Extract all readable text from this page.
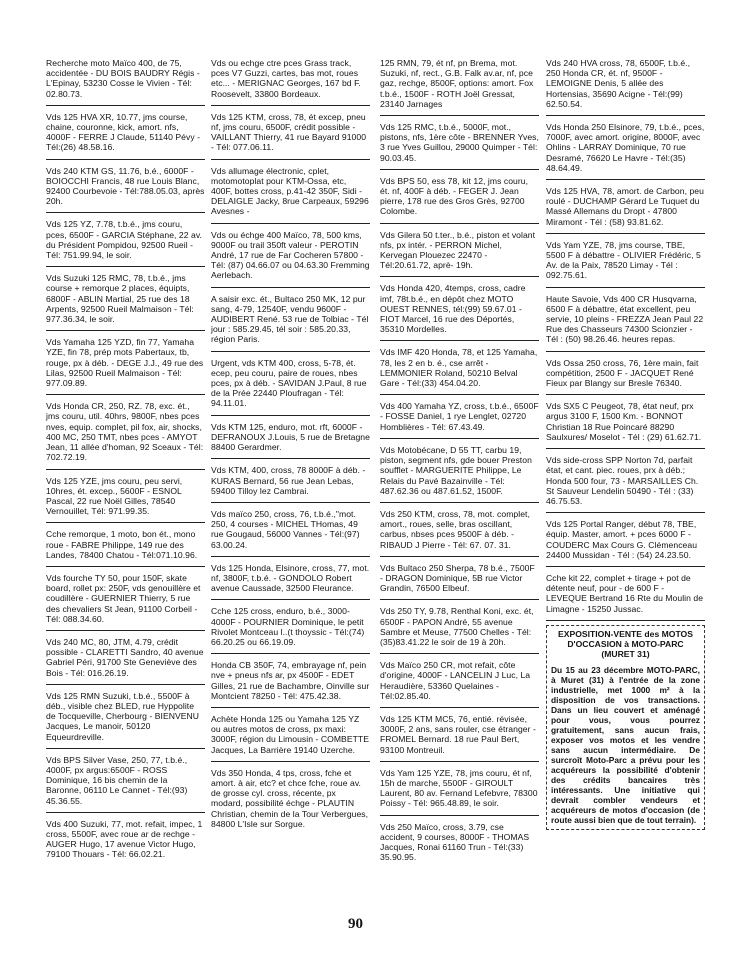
Recherche moto Maïco 400, de 75, accidentée - DU BOIS BAUDRY Régis - L'Epinay, 53230 Cosse le Vivien - Tél: 02.80.73.
Vds 125 HVA XR, 10.77, jms course, chaine, couronne, kick, amort. nfs, 4000F - FERRE J Claude, 51140 Pévy - Tél:(26) 48.58.16.
Vds 240 KTM GS, 11.76, b.é., 6000F - BOIOCCHI Francis, 48 rue Louis Blanc, 92400 Courbevoie - Tél:788.05.03, après 20h.
Vds 125 YZ, 7.78, t.b.é., jms couru, pces, 6500F - GARCIA Stéphane, 22 av. du Président Pompidou, 92500 Rueil - Tél: 751.99.94, le soir.
Vds Suzuki 125 RMC, 78, t.b.é., jms course + remorque 2 places, équipts, 6800F - ABLIN Martial, 25 rue des 18 Arpents, 92500 Rueil Malmaison - Tél: 977.36.34, le soir.
Vds Yamaha 125 YZD, fin 77, Yamaha YZE, fin 78, prép mots Pabertaux, tb, rouge, px à déb. - DEGE J.J., 49 rue des Lilas, 92500 Rueil Malmaison - Tél: 977.09.89.
Vds Honda CR, 250, RZ. 78, exc. ét., jms couru, util. 40hrs, 9800F, nbes pces nves, equip. complet, pil fox, air, shocks, 400 MC, 250 TMT, nbes pces - AMYOT Jean, 11 allée d'homan, 92 Sceaux - Tél: 702.72.19.
Vds 125 YZE, jms couru, peu servi, 10hres, ét. excep., 5600F - ESNOL Pascal, 22 rue Noël Gilles, 78540 Vernouillet, Tél: 971.99.35.
Cche remorque, 1 moto, bon ét., mono roue - FABRE Philippe, 149 rue des Landes, 78400 Chatou - Tél:071.10.96.
Vds fourche TY 50, pour 150F, skate board, rollet px: 250F, vds genouillère et coudillère - GUERNIER Thierry, 5 rue des chevaliers St Jean, 91100 Corbeil - Tél: 088.34.60.
Vds 240 MC, 80, JTM, 4.79, crédit possible - CLARETTI Sandro, 40 avenue Gabriel Péri, 91700 Ste Geneviève des Bois - Tél: 016.26.19.
Vds 125 RMN Suzuki, t.b.é., 5500F à déb., visible chez BLED, rue Hyppolite de Tocqueville, Cherbourg - BIENVENU Jacques, Le manoir, 50120 Equeurdreville.
Vds BPS Silver Vase, 250, 77, t.b.é., 4000F, px argus:6500F - ROSS Dominique, 16 bis chemin de la Baronne, 06110 Le Cannet - Tél:(93) 45.36.55.
Vds 400 Suzuki, 77, mot. refait, impec, 1 cross, 5500F, avec roue ar de rechge - AUGER Hugo, 17 avenue Victor Hugo, 79100 Thouars - Tél: 66.02.21.
Vds ou echge ctre pces Grass track, pces V7 Guzzi, cartes, bas mot, roues etc... - MERIGNAC Georges, 167 bd F. Roosevelt, 33800 Bordeaux.
Vds 125 KTM, cross, 78, ét excep, pneu nf, jms couru, 6500F, crédit possible - VAILLANT Thierry, 41 rue Bayard 91000 - Tél: 077.06.11.
Vds allumage électronic, cplet, motomotoplat pour KTM-Ossa, etc, 400F, bottes cross, p.41-42 350F, Sidi - DELAIGLE Jacky, 8rue Carpeaux, 59296 Avesnes -
Vds ou échge 400 Maïco, 78, 500 kms, 9000F ou trail 350ft valeur - PEROTIN André, 17 rue de Far Cocheren 57800 - Tél: (87) 04.66.07 ou 04.63.30 Fremming Aerlebach.
A saisir exc. ét., Bultaco 250 MK, 12 pur sang, 4-79, 12540F, vendu 9600F - AUDIBERT René. 53 rue de Tolbiac - Tél jour : 585.29.45, tél soir : 585.20.33, région Paris.
Urgent, vds KTM 400, cross, 5-78, ét. ecep, peu couru, paire de roues, nbes pces, px à déb. - SAVIDAN J.Paul, 8 rue de la Prée 22440 Ploufragan - Tél: 94.11.01.
Vds KTM 125, enduro, mot. rft, 6000F - DEFRANOUX J.Louis, 5 rue de Bretagne 88400 Gerardmer.
Vds KTM, 400, cross, 78 8000F à déb. - KURAS Bernard, 56 rue Jean Lebas, 59400 Tilloy lez Cambrai.
Vds maïco 250, cross, 76, t.b.é.,"mot. 250, 4 courses - MICHEL THomas, 49 rue Gougaud, 56000 Vannes - Tél:(97) 63.00.24.
Vds 125 Honda, Elsinore, cross, 77, mot. nf, 3800F, t.b.é. - GONDOLO Robert avenue Caussade, 32500 Fleurance.
Cche 125 cross, enduro, b.é., 3000-4000F - POURNIER Dominique, le petit Rivolet Montceau l..(t thoyssic - Tél:(74) 66.20.25 ou 66.19.09.
Honda CB 350F, 74, embrayage nf, pein nve + pneus nfs ar, px 4500F - EDET Gilles, 21 rue de Bachambre, Oinville sur Montcient 78250 - Tél: 475.42.38.
Achète Honda 125 ou Yamaha 125 YZ ou autres motos de cross, px maxi: 3000F, région du Limousin - COMBETTE Jacques, La Barrière 19140 Uzerche.
Vds 350 Honda, 4 tps, cross, fche et amort. à air, etc? et chce fche, roue av. de grosse cyl. cross, récente, px modard, possibilité échge - PLAUTIN Christian, chemin de la Tour Verbergues, 84800 L'Isle sur Sorgue.
125 RMN, 79, ét nf, pn Brema, mot. Suzuki, nf, rect., G.B. Falk av.ar, nf, pce gaz, rechge, 8500F, options: amort. Fox t.b.é., 1500F - ROTH Joël Gressat, 23140 Jarnages
Vds 125 RMC, t.b.é., 5000F, mot., pistons, nfs, 1ère côte - BRENNER Yves, 3 rue Yves Guillou, 29000 Quimper - Tél: 90.03.45.
Vds BPS 50, ess 78, kit 12, jms couru, ét. nf, 400F à déb. - FEGER J. Jean pierre, 178 rue des Gros Grès, 92700 Colombe.
Vds Gilera 50 t.ter., b.é., piston et volant nfs, px intér. - PERRON Michel, Kervegan Plouezec 22470 - Tél:20.61.72, aprè- 19h.
Vds Honda 420, 4temps, cross, cadre imf, 78t.b.é., en dépôt chez MOTO OUEST RENNES, tél:(99) 59.67.01 - FIOT Marcel, 16 rue des Déportés, 35310 Mordelles.
Vds IMF 420 Honda, 78, et 125 Yamaha, 78, les 2 en b. é., cse arrêt - LEMMONIER Roland, 50210 Belval Gare - Tél:(33) 454.04.20.
Vds 400 Yamaha YZ, cross, t.b.é., 6500F - FOSSE Daniel, 1 rye Lenglet, 02720 Homblières - Tél: 67.43.49.
Vds Motobécane, D 55 TT, carbu 19, piston, segment nfs, gde bouer Preston soufflet - MARGUERITE Philippe, Le Relais du Pavé Bazainville - Tél: 487.62.36 ou 487.61.52, 1500F.
Vds 250 KTM, cross, 78, mot. complet, amort., roues, selle, bras oscillant, carbus, nbses pces 9500F à déb. - RIBAUD J Pierre - Tél: 67. 07. 31.
Vds Bultaco 250 Sherpa, 78 b.é., 7500F - DRAGON Dominique, 5B rue Victor Grandin, 76500 Elbeuf.
Vds 250 TY, 9.78, Renthal Koni, exc. ét, 6500F - PAPON André, 55 avenue Sambre et Meuse, 77500 Chelles - Tél:(35)83.41.22 le soir de 19 à 20h.
Vds Maïco 250 CR, mot refait, côte d'origine, 4000F - LANCELIN J Luc, La Heraudière, 53360 Quelaines - Tél:02.85.40.
Vds 125 KTM MC5, 76, entié. révisée, 3000F, 2 ans, sans rouler, cse étranger - FROMEL Bernard. 18 rue Paul Bert, 93100 Montreuil.
Vds Yam 125 YZE, 78, jms couru, ét nf, 15h de marche, 5500F - GIROULT Laurent, 80 av. Fernand Lefebvre, 78300 Poissy - Tél: 965.48.89, le soir.
Vds 250 Maïco, cross, 3.79, cse accident, 9 courses, 8000F - THOMAS Jacques, Ronai 61160 Trun - Tél:(33) 35.90.95.
Vds 240 HVA cross, 78, 6500F, t.b.é., 250 Honda CR, ét. nf, 9500F - LEMOIGNE Denis, 5 allée des Hortensias, 35690 Acigne - Tél:(99) 62.50.54.
Vds Honda 250 Elsinore, 79, t.b.é., pces, 7000F, avec amort. origine, 8000F, avec Ohlins - LARRAY Dominique, 70 rue Desramé, 76620 Le Havre - Tél:(35) 48.64.49.
Vds 125 HVA, 78, amort. de Carbon, peu roulé - DUCHAMP Gérard Le Tuquet du Massé Allemans du Dropt - 47800 Miramont - Tél : (58) 93.81.62.
Vds Yam YZE, 78, jms course, TBE, 5500 F à débattre - OLIVIER Frédéric, 5 Av. de la Paix, 78520 Limay - Tél : 092.75.61.
Haute Savoie, Vds 400 CR Husqvarna, 6500 F à débattre, état excellent, peu servie, 10 pleins - FREZZA Jean Paul 22 Rue des Chasseurs 74300 Scionzier - Tél : (50) 98.26.46. heures repas.
Vds Ossa 250 cross, 76, 1ère main, fait compétition, 2500 F - JACQUET René Fieux par Blangy sur Bresle 76340.
Vds SX5 C Peugeot, 78, état neuf, prx argus 3100 F, 1500 Km. - BONNOT Christian 18 Rue Poincaré 88290 Saulxures/ Moselot - Tél : (29) 61.62.71.
Vds side-cross SPP Norton 7d, parfait état, et cant. piec. roues, prx à déb.; Honda 500 four, 73 - MARSAILLES Ch. St Sauveur Lendelin 50490 - Tél : (33) 46.75.53.
Vds 125 Portal Ranger, début 78, TBE, équip. Master, amort. + pces 6000 F - COUDERC Max Cours G. Clémenceau 24400 Mussidan - Tél : (54) 24.23.50.
Cche kit 22, complet + tirage + pot de détente neuf, pour - de 600 F - LEVEQUE Bertrand 16 Rte du Moulin de Limagne - 15250 Jussac.
EXPOSITION-VENTE des MOTOS D'OCCASION à MOTO-PARC (MURET 31)
Du 15 au 23 décembre MOTO-PARC, à Muret (31) à l'entrée de la zone industrielle, met 1000 m² à la disposition de vos transactions. Dans un lieu couvert et aménagé pour vous, vous pourrez gratuitement, sans aucun frais, exposer vos motos et les vendre sans aucun intermédiaire. De surcroît Moto-Parc a prévu pour les acquéreurs la possibilité d'obtenir des crédits bancaires très intéressants. Une initiative qui devrait combler vendeurs et acquéreurs de motos d'occasion (de route aussi bien que de tout terrain).
90
